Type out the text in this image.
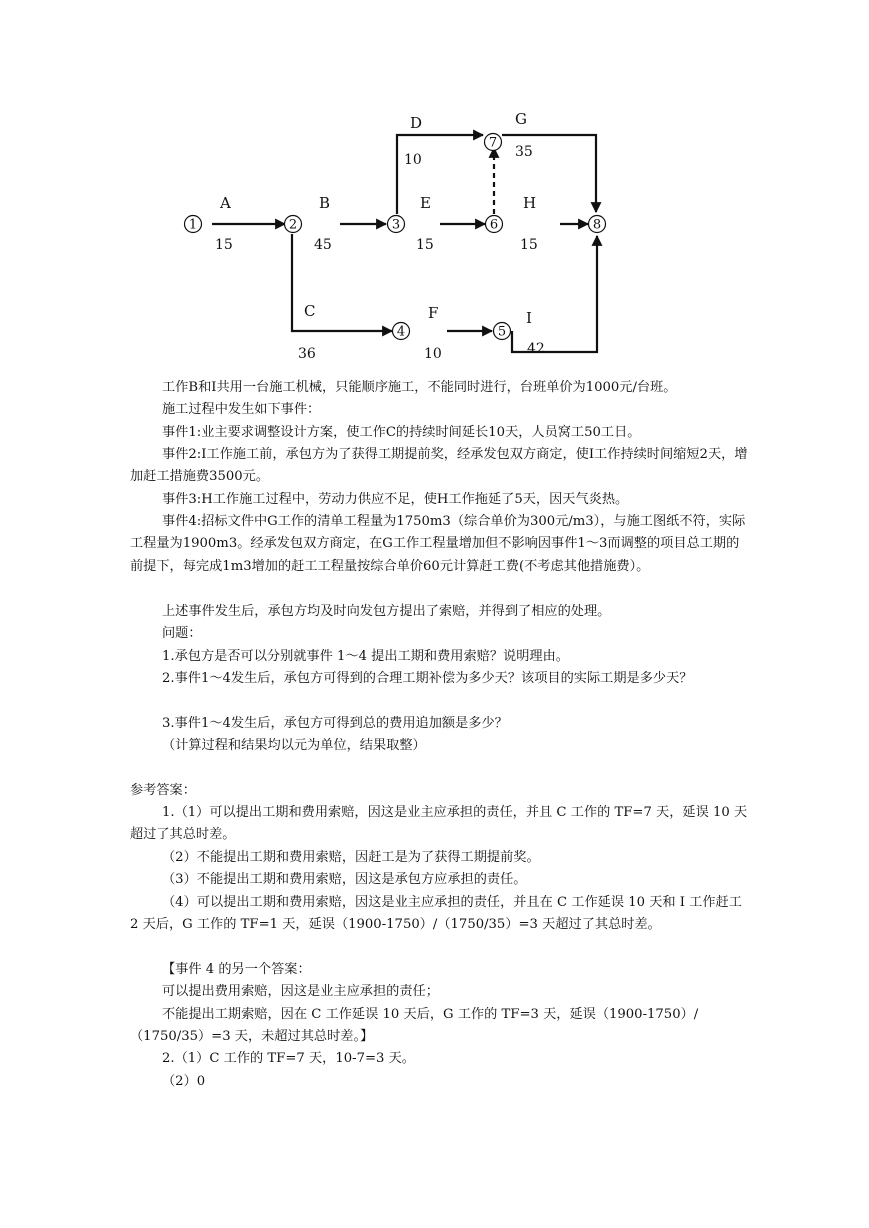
1	2	3	6
7
8
4	5
A	B
C
D
E
F
G
H
I
15	45
36
10
15
10
35
15
42

工作B和I共用一台施工机械，只能顺序施工，不能同时进行，台班单价为1000元/台班。

施工过程中发生如下事件：

事件1:业主要求调整设计方案，使工作C的持续时间延长10天，人员窝工50工日。

事件2:I工作施工前，承包方为了获得工期提前奖，经承发包双方商定，使I工作持续时间缩短2天，增加赶工措施费3500元。

事件3:H工作施工过程中，劳动力供应不足，使H工作拖延了5天，因天气炎热。

事件4:招标文件中G工作的清单工程量为1750m3（综合单价为300元/m3），与施工图纸不符，实际工程量为1900m3。经承发包双方商定，在G工作工程量增加但不影响因事件1～3而调整的项目总工期的前提下，每完成1m3增加的赶工工程量按综合单价60元计算赶工费(不考虑其他措施费）。

上述事件发生后，承包方均及时向发包方提出了索赔，并得到了相应的处理。

问题：

1.承包方是否可以分别就事件 1～4 提出工期和费用索赔？说明理由。

2.事件1～4发生后，承包方可得到的合理工期补偿为多少天？该项目的实际工期是多少天？

3.事件1～4发生后，承包方可得到总的费用追加额是多少？

（计算过程和结果均以元为单位，结果取整）

参考答案：

1.（1）可以提出工期和费用索赔，因这是业主应承担的责任，并且 C 工作的 TF=7 天，延误 10 天超过了其总时差。

（2）不能提出工期和费用索赔，因赶工是为了获得工期提前奖。

（3）不能提出工期和费用索赔，因这是承包方应承担的责任。

（4）可以提出工期和费用索赔，因这是业主应承担的责任，并且在 C 工作延误 10 天和 I 工作赶工 2 天后，G 工作的 TF=1 天，延误（1900-1750）/（1750/35）=3 天超过了其总时差。

【事件 4 的另一个答案：

可以提出费用索赔，因这是业主应承担的责任；

不能提出工期索赔，因在 C 工作延误 10 天后，G 工作的 TF=3 天，延误（1900-1750）/（1750/35）=3 天，未超过其总时差。】

2.（1）C 工作的 TF=7 天，10-7=3 天。

（2）0
